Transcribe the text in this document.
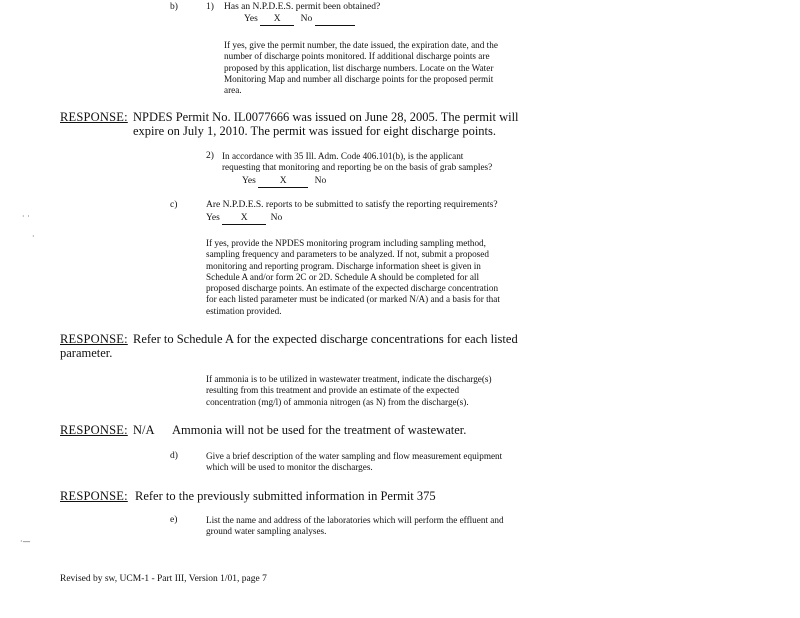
b)	1) Has an N.P.D.E.S. permit been obtained?
Yes X No
If yes, give the permit number, the date issued, the expiration date, and the
number of discharge points monitored. If additional discharge points are
proposed by this application, list discharge numbers. Locate on the Water
Monitoring Map and number all discharge points for the proposed permit
area.
RESPONSE: NPDES Permit No. IL0077666 was issued on June 28, 2005. The permit will
expire on July 1, 2010. The permit was issued for eight discharge points.
2) In accordance with 35 Ill. Adm. Code 406.101(b), is the applicant
requesting that monitoring and reporting be on the basis of grab samples?
Yes	X	No
c)	Are N.P.D.E.S. reports to be submitted to satisfy the reporting requirements?
Yes X No
If yes, provide the NPDES monitoring program including sampling method,
sampling frequency and parameters to be analyzed. If not, submit a proposed
monitoring and reporting program. Discharge information sheet is given in
Schedule A and/or form 2C or 2D. Schedule A should be completed for all
proposed discharge points. An estimate of the expected discharge concentration
for each listed parameter must be indicated (or marked N/A) and a basis for that
estimation provided.
RESPONSE: Refer to Schedule A for the expected discharge concentrations for each listed
parameter.
If ammonia is to be utilized in wastewater treatment, indicate the discharge(s)
resulting from this treatment and provide an estimate of the expected
concentration (mg/l) of ammonia nitrogen (as N) from the discharge(s).
RESPONSE: N/A Ammonia will not be used for the treatment of wastewater.
d)	Give a brief description of the water sampling and flow measurement equipment
which will be used to monitor the discharges.
RESPONSE: Refer to the previously submitted information in Permit 375
e)	List the name and address of the laboratories which will perform the effluent and
ground water sampling analyses.
· ·
·
·—
Revised by sw, UCM-1 - Part III, Version 1/01, page 7
